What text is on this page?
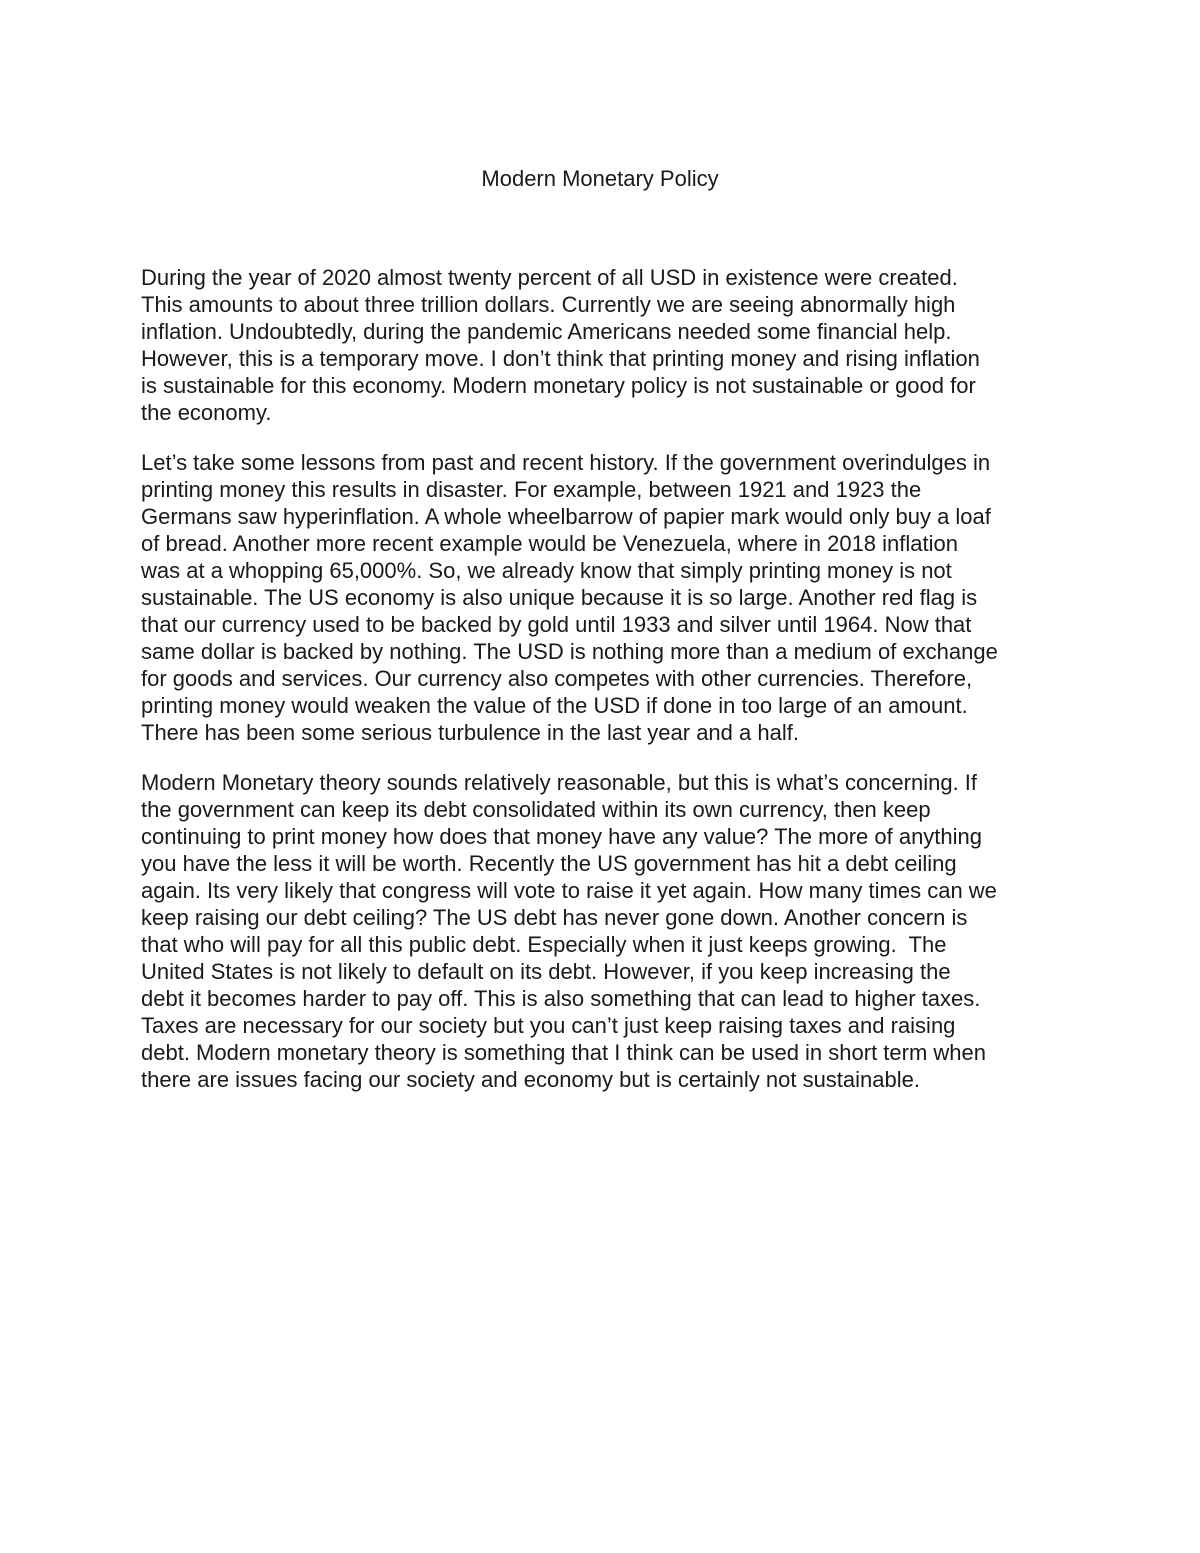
Modern Monetary Policy

During the year of 2020 almost twenty percent of all USD in existence were created.
This amounts to about three trillion dollars. Currently we are seeing abnormally high
inflation. Undoubtedly, during the pandemic Americans needed some financial help.
However, this is a temporary move. I don’t think that printing money and rising inflation
is sustainable for this economy. Modern monetary policy is not sustainable or good for
the economy.

Let’s take some lessons from past and recent history. If the government overindulges in
printing money this results in disaster. For example, between 1921 and 1923 the
Germans saw hyperinflation. A whole wheelbarrow of papier mark would only buy a loaf
of bread. Another more recent example would be Venezuela, where in 2018 inflation
was at a whopping 65,000%. So, we already know that simply printing money is not
sustainable. The US economy is also unique because it is so large. Another red flag is
that our currency used to be backed by gold until 1933 and silver until 1964. Now that
same dollar is backed by nothing. The USD is nothing more than a medium of exchange
for goods and services. Our currency also competes with other currencies. Therefore,
printing money would weaken the value of the USD if done in too large of an amount.
There has been some serious turbulence in the last year and a half.

Modern Monetary theory sounds relatively reasonable, but this is what’s concerning. If
the government can keep its debt consolidated within its own currency, then keep
continuing to print money how does that money have any value? The more of anything
you have the less it will be worth. Recently the US government has hit a debt ceiling
again. Its very likely that congress will vote to raise it yet again. How many times can we
keep raising our debt ceiling? The US debt has never gone down. Another concern is
that who will pay for all this public debt. Especially when it just keeps growing.  The
United States is not likely to default on its debt. However, if you keep increasing the
debt it becomes harder to pay off. This is also something that can lead to higher taxes.
Taxes are necessary for our society but you can’t just keep raising taxes and raising
debt. Modern monetary theory is something that I think can be used in short term when
there are issues facing our society and economy but is certainly not sustainable.
